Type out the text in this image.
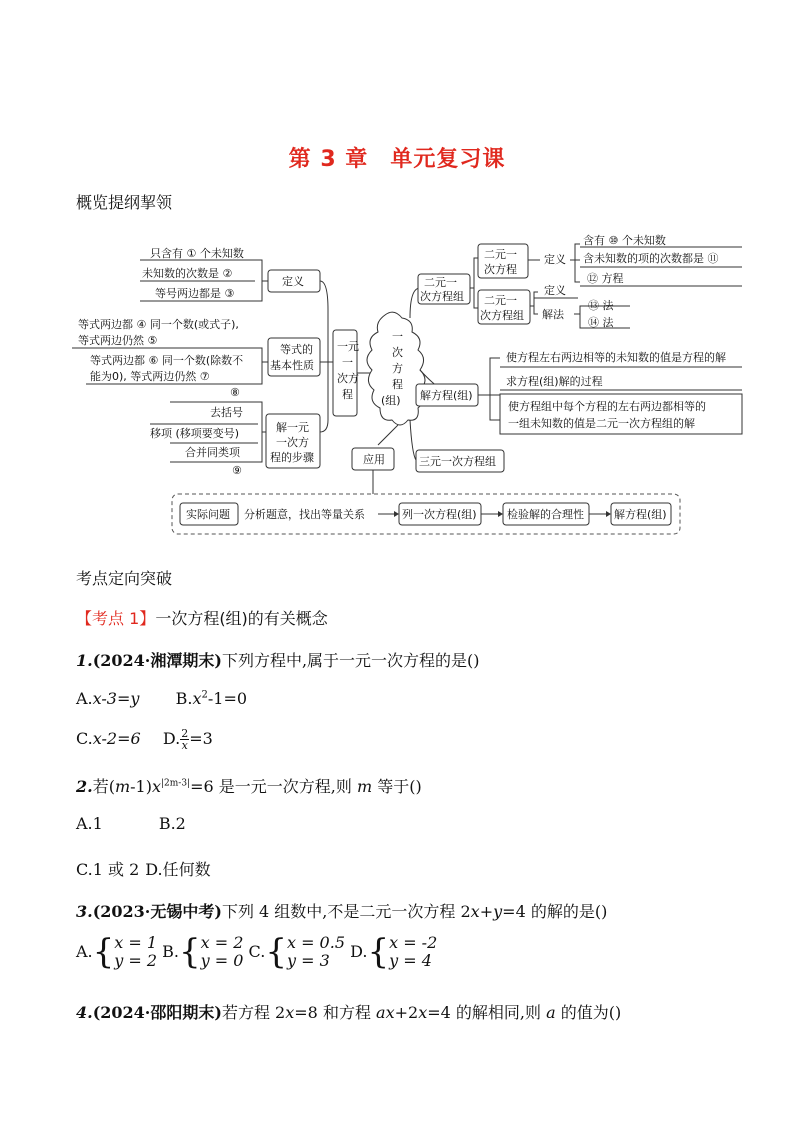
第 3 章 单元复习课
概览提纲挈领
只含有 ① 个未知数
未知数的次数是 ②
等号两边都是 ③
定义
等式两边都 ④ 同一个数(或式子),
等式两边仍然 ⑤
等式两边都 ⑥ 同一个数(除数不
能为0), 等式两边仍然 ⑦
⑧
等式的
基本性质
去括号
移项 (移项要变号)
合并同类项
⑨
解一元
一次方
程的步骤
一元
一
次方
程
一
次
方
程
(组)
二元一
次方程组
二元一
次方程
二元一
次方程组
定义
含有 ⑩ 个未知数
含未知数的项的次数都是 ⑪
⑫ 方程
定义
解法
⑬ 法
⑭ 法
解方程(组)
使方程左右两边相等的未知数的值是方程的解
求方程(组)解的过程
使方程组中每个方程的左右两边都相等的
一组未知数的值是二元一次方程组的解
三元一次方程组
应用
实际问题 分析题意，找出等量关系	列一次方程(组)	检验解的合理性	解方程(组)
考点定向突破
【考点 1】一次方程(组)的有关概念
1.(2024·湘潭期末)下列方程中,属于一元一次方程的是()
A.x-3=y $B.x^2-1=0$
C.x-2=6 D. $\frac{2}{x} =3$
2.若$(m-1)x^{|2m-3|}=6$ 是一元一次方程,则 m 等于()
A.1	B.2
C.1 或 2 D.任何数
3.(2023·无锡中考)下列 4 组数中,不是二元一次方程 2x+y=4 的解的是()
A.{ x = 1
y = 2 B.{ x = 2
y = 0 C.{ x = 0.5
y = 3	D.{ x = -2
y = 4
4.(2024·邵阳期末)若方程 2x=8 和方程 ax+2x=4 的解相同,则 a 的值为()
